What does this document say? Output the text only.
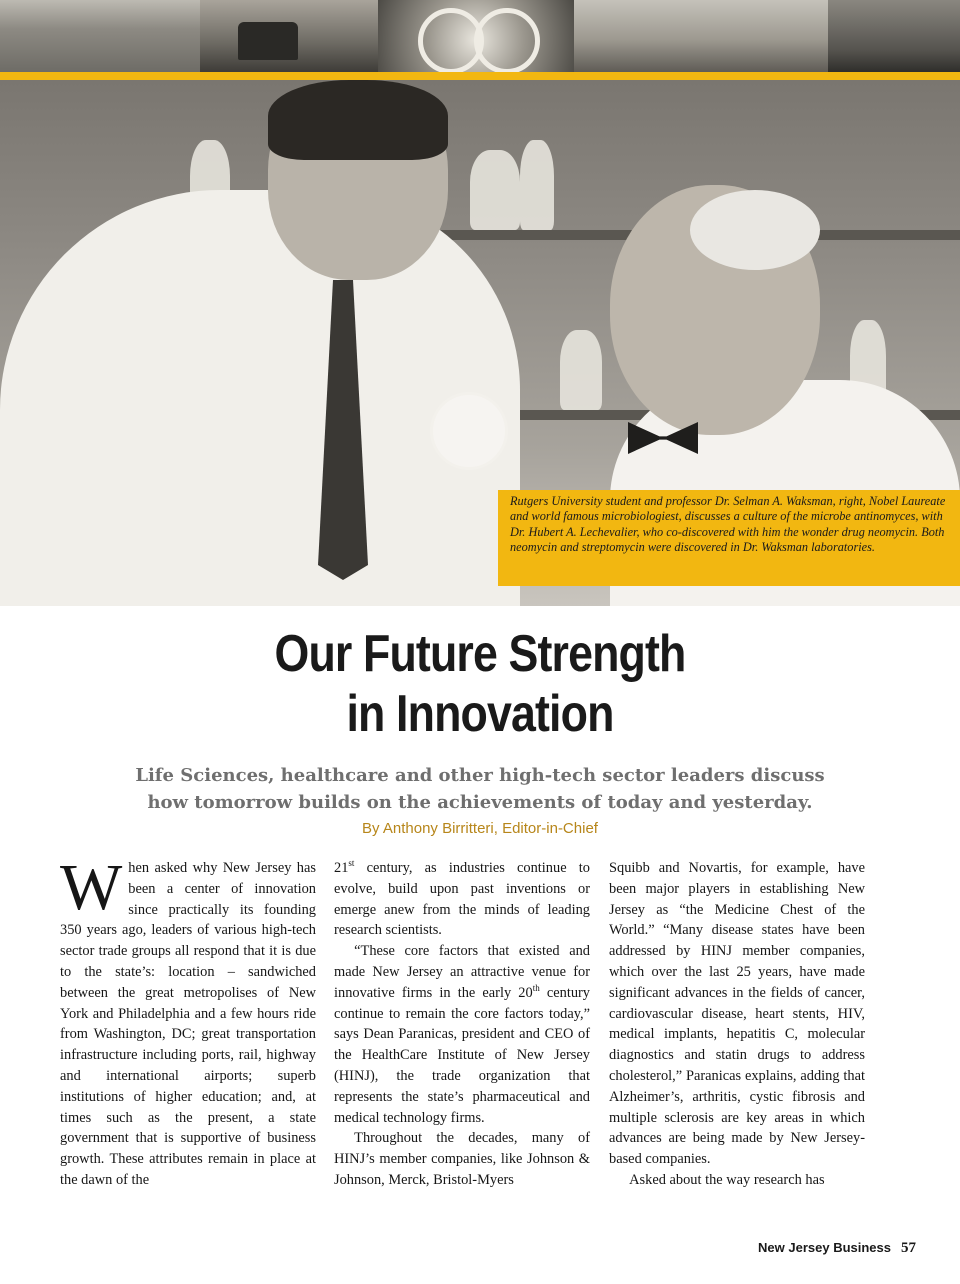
Rutgers University student and professor Dr. Selman A. Waksman, right, Nobel Laureate and world famous microbiologiest, discusses a culture of the microbe antinomyces, with Dr. Hubert A. Lechevalier, who co-discovered with him the wonder drug neomycin. Both neomycin and streptomycin were discovered in Dr. Waksman laboratories.
Our Future Strength
in Innovation

Life Sciences, healthcare and other high-tech sector leaders discuss
how tomorrow builds on the achievements of today and yesterday.

By Anthony Birritteri, Editor-in-Chief

When asked why New Jersey has been a center of innovation since practically its founding 350 years ago, leaders of various high-tech sector trade groups all respond that it is due to the state’s: location – sandwiched between the great metropolises of New York and Philadelphia and a few hours ride from Washington, DC; great transportation infrastructure including ports, rail, highway and international airports; superb institutions of higher education; and, at times such as the present, a state government that is supportive of business growth. These attributes remain in place at the dawn of the

21st century, as industries continue to evolve, build upon past inventions or emerge anew from the minds of leading research scientists.

“These core factors that existed and made New Jersey an attractive venue for innovative firms in the early 20th century continue to remain the core factors today,” says Dean Paranicas, president and CEO of the HealthCare Institute of New Jersey (HINJ), the trade organization that represents the state’s pharmaceutical and medical technology firms.

Throughout the decades, many of HINJ’s member companies, like Johnson & Johnson, Merck, Bristol-Myers

Squibb and Novartis, for example, have been major players in establishing New Jersey as “the Medicine Chest of the World.” “Many disease states have been addressed by HINJ member companies, which over the last 25 years, have made significant advances in the fields of cancer, cardiovascular disease, heart stents, HIV, medical implants, hepatitis C, molecular diagnostics and statin drugs to address cholesterol,” Paranicas explains, adding that Alzheimer’s, arthritis, cystic fibrosis and multiple sclerosis are key areas in which advances are being made by New Jersey-based companies.

Asked about the way research has

New Jersey Business 57
